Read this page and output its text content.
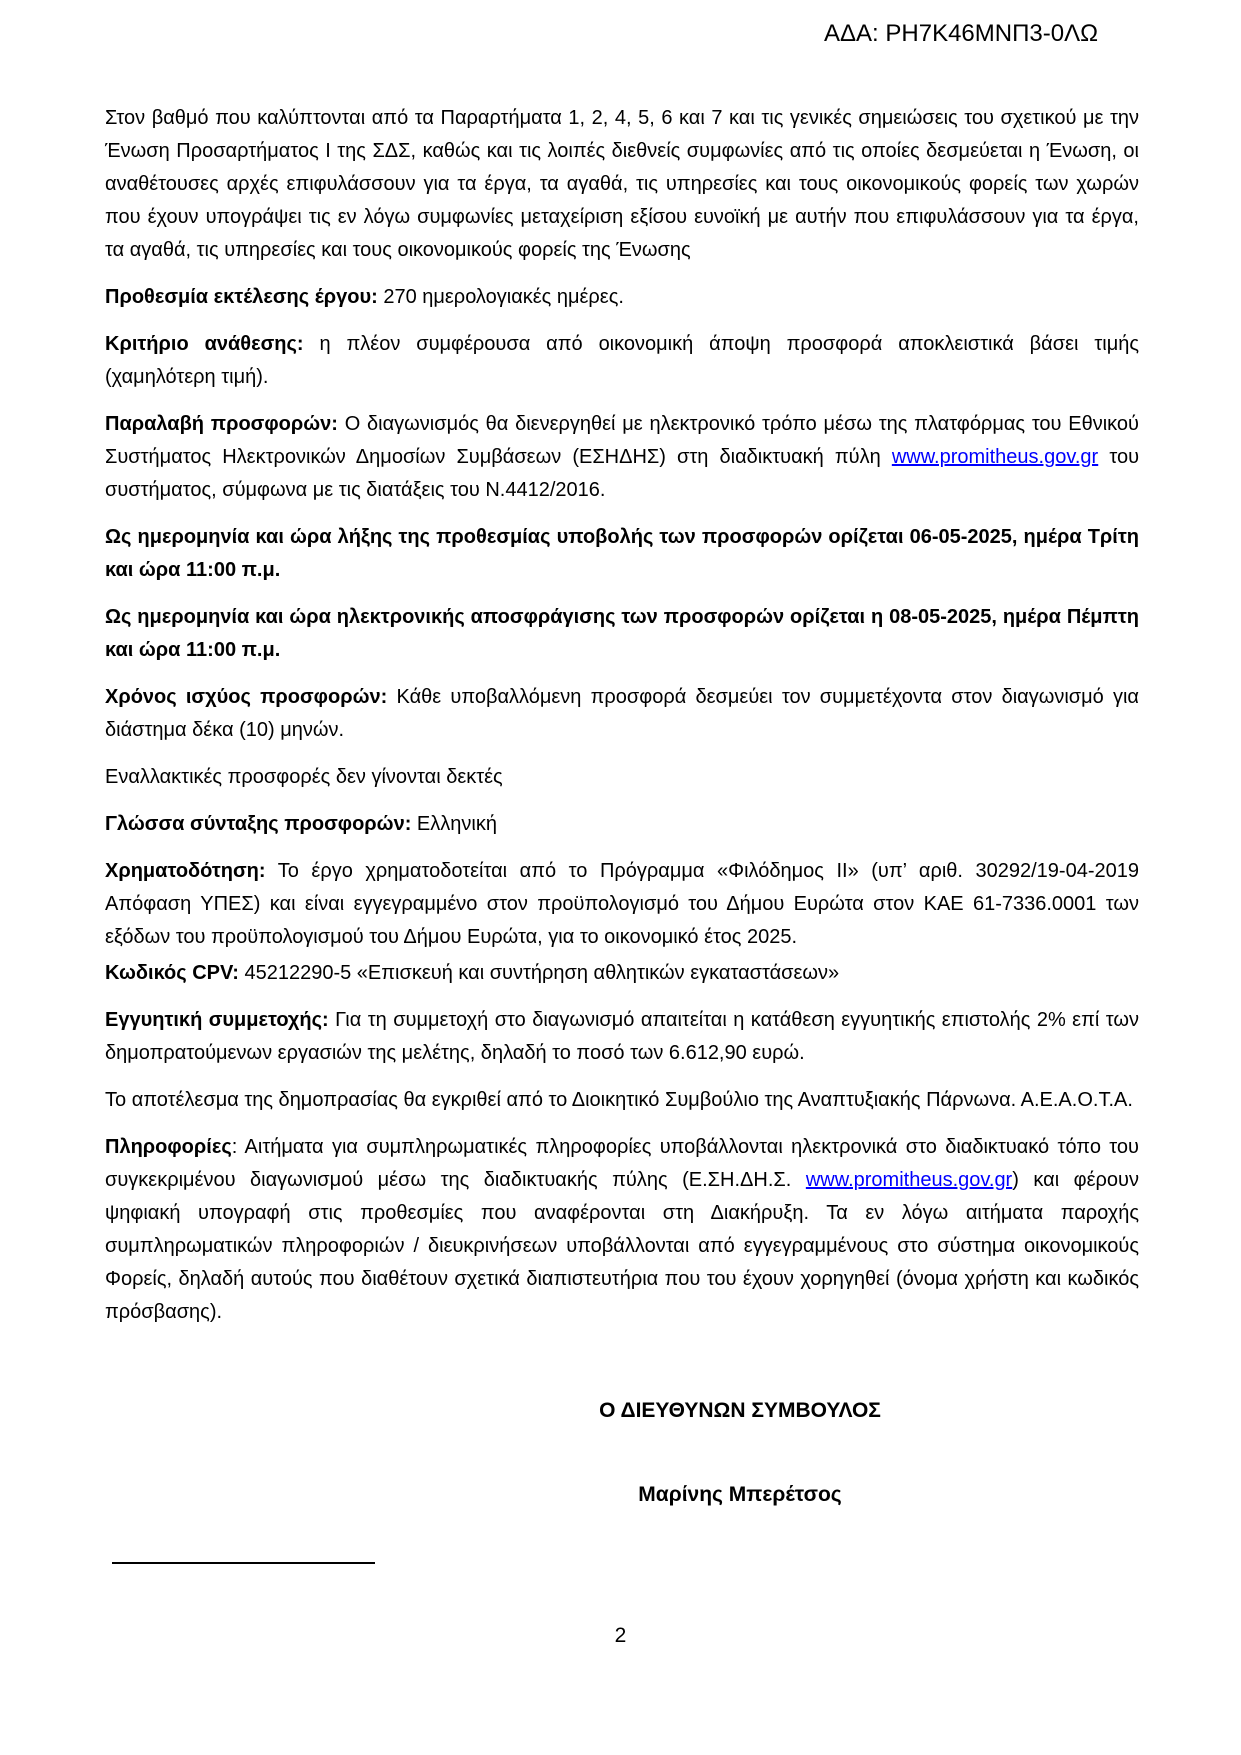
ΑΔΑ: ΡΗ7Κ46ΜΝΠ3-0ΛΩ

Στον βαθμό που καλύπτονται από τα Παραρτήματα 1, 2, 4, 5, 6 και 7 και τις γενικές σημειώσεις του σχετικού με την Ένωση Προσαρτήματος Ι της ΣΔΣ, καθώς και τις λοιπές διεθνείς συμφωνίες από τις οποίες δεσμεύεται η Ένωση, οι αναθέτουσες αρχές επιφυλάσσουν για τα έργα, τα αγαθά, τις υπηρεσίες και τους οικονομικούς φορείς των χωρών που έχουν υπογράψει τις εν λόγω συμφωνίες μεταχείριση εξίσου ευνοϊκή με αυτήν που επιφυλάσσουν για τα έργα, τα αγαθά, τις υπηρεσίες και τους οικονομικούς φορείς της Ένωσης

Προθεσμία εκτέλεσης έργου: 270 ημερολογιακές ημέρες.

Κριτήριο ανάθεσης: η πλέον συμφέρουσα από οικονομική άποψη προσφορά αποκλειστικά βάσει τιμής (χαμηλότερη τιμή).

Παραλαβή προσφορών: Ο διαγωνισμός θα διενεργηθεί με ηλεκτρονικό τρόπο μέσω της πλατφόρμας του Εθνικού Συστήματος Ηλεκτρονικών Δημοσίων Συμβάσεων (ΕΣΗΔΗΣ) στη διαδικτυακή πύλη www.promitheus.gov.gr του συστήματος, σύμφωνα με τις διατάξεις του Ν.4412/2016.

Ως ημερομηνία και ώρα λήξης της προθεσμίας υποβολής των προσφορών ορίζεται 06-05-2025, ημέρα Τρίτη και ώρα 11:00 π.μ.

Ως ημερομηνία και ώρα ηλεκτρονικής αποσφράγισης των προσφορών ορίζεται η 08-05-2025, ημέρα Πέμπτη και ώρα 11:00 π.μ.

Χρόνος ισχύος προσφορών: Κάθε υποβαλλόμενη προσφορά δεσμεύει τον συμμετέχοντα στον διαγωνισμό για διάστημα δέκα (10) μηνών.

Εναλλακτικές προσφορές δεν γίνονται δεκτές

Γλώσσα σύνταξης προσφορών: Ελληνική

Χρηματοδότηση: Το έργο χρηματοδοτείται από το Πρόγραμμα «Φιλόδημος ΙΙ» (υπ’ αριθ. 30292/19-04-2019 Απόφαση ΥΠΕΣ) και είναι εγγεγραμμένο στον προϋπολογισμό του Δήμου Ευρώτα στον ΚΑΕ 61-7336.0001 των εξόδων του προϋπολογισμού του Δήμου Ευρώτα, για το οικονομικό έτος 2025.

Κωδικός CPV: 45212290-5 «Επισκευή και συντήρηση αθλητικών εγκαταστάσεων»

Εγγυητική συμμετοχής: Για τη συμμετοχή στο διαγωνισμό απαιτείται η κατάθεση εγγυητικής επιστολής 2% επί των δημοπρατούμενων εργασιών της μελέτης, δηλαδή το ποσό των 6.612,90 ευρώ.

Το αποτέλεσμα της δημοπρασίας θα εγκριθεί από το Διοικητικό Συμβούλιο της Αναπτυξιακής Πάρνωνα. Α.Ε.Α.Ο.Τ.Α.

Πληροφορίες: Αιτήματα για συμπληρωματικές πληροφορίες υποβάλλονται ηλεκτρονικά στο διαδικτυακό τόπο του συγκεκριμένου διαγωνισμού μέσω της διαδικτυακής πύλης (Ε.ΣΗ.ΔΗ.Σ. www.promitheus.gov.gr) και φέρουν ψηφιακή υπογραφή στις προθεσμίες που αναφέρονται στη Διακήρυξη. Τα εν λόγω αιτήματα παροχής συμπληρωματικών πληροφοριών / διευκρινήσεων υποβάλλονται από εγγεγραμμένους στο σύστημα οικονομικούς Φορείς, δηλαδή αυτούς που διαθέτουν σχετικά διαπιστευτήρια που του έχουν χορηγηθεί (όνομα χρήστη και κωδικός πρόσβασης).

Ο ΔΙΕΥΘΥΝΩΝ ΣΥΜΒΟΥΛΟΣ
Μαρίνης Μπερέτσος
2
